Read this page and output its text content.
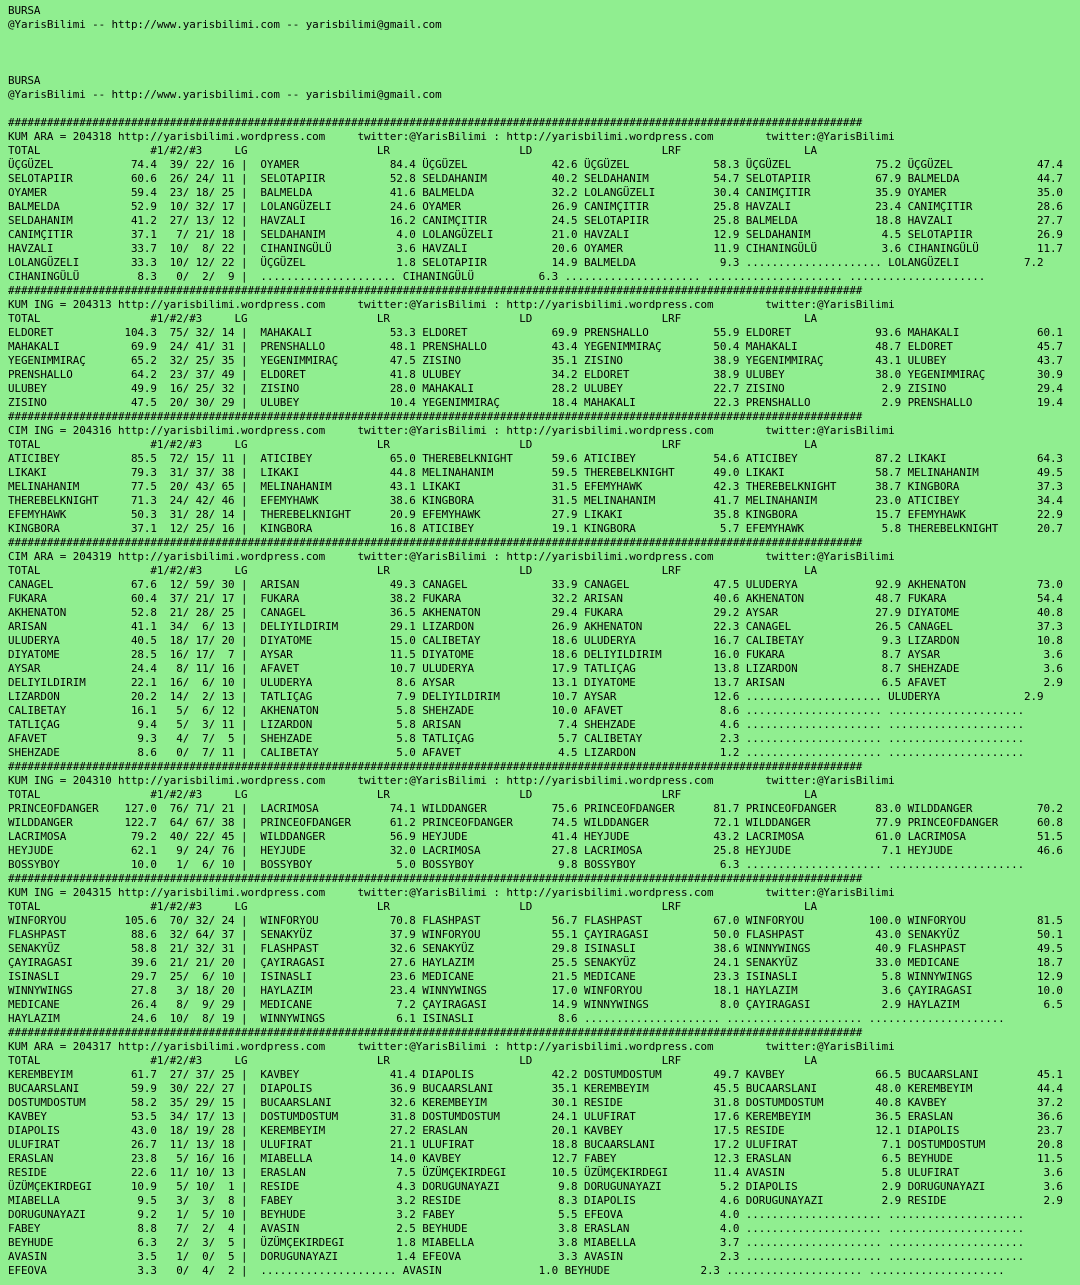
BURSA
@YarisBilimi -- http://www.yarisbilimi.com -- yarisbilimi@gmail.com
BURSA
@YarisBilimi -- http://www.yarisbilimi.com -- yarisbilimi@gmail.com
####################################################################################################################################
KUM ARA = 204318 http://yarisbilimi.wordpress.com     twitter:@YarisBilimi : http://yarisbilimi.wordpress.com        twitter:@YarisBilimi
TOTAL                 #1/#2/#3     LG                    LR                    LD                    LRF                   LA
ÜÇGÜZEL            74.4  39/ 22/ 16 |  OYAMER              84.4 ÜÇGÜZEL             42.6 ÜÇGÜZEL             58.3 ÜÇGÜZEL             75.2 ÜÇGÜZEL             47.4
SELOTAPIIR         60.6  26/ 24/ 11 |  SELOTAPIIR          52.8 SELDAHANIM          40.2 SELDAHANIM          54.7 SELOTAPIIR          67.9 BALMELDA            44.7
OYAMER             59.4  23/ 18/ 25 |  BALMELDA            41.6 BALMELDA            32.2 LOLANGÜZELI         30.4 CANIMÇITIR          35.9 OYAMER              35.0
BALMELDA           52.9  10/ 32/ 17 |  LOLANGÜZELI         24.6 OYAMER              26.9 CANIMÇITIR          25.8 HAVZALI             23.4 CANIMÇITIR          28.6
SELDAHANIM         41.2  27/ 13/ 12 |  HAVZALI             16.2 CANIMÇITIR          24.5 SELOTAPIIR          25.8 BALMELDA            18.8 HAVZALI             27.7
CANIMÇITIR         37.1   7/ 21/ 18 |  SELDAHANIM           4.0 LOLANGÜZELI         21.0 HAVZALI             12.9 SELDAHANIM           4.5 SELOTAPIIR          26.9
HAVZALI            33.7  10/  8/ 22 |  CIHANINGÜLÜ          3.6 HAVZALI             20.6 OYAMER              11.9 CIHANINGÜLÜ          3.6 CIHANINGÜLÜ         11.7
LOLANGÜZELI        33.3  10/ 12/ 22 |  ÜÇGÜZEL              1.8 SELOTAPIIR          14.9 BALMELDA             9.3 ..................... LOLANGÜZELI          7.2
CIHANINGÜLÜ         8.3   0/  2/  9 |  ..................... CIHANINGÜLÜ          6.3 ..................... ..................... .....................
####################################################################################################################################
KUM ING = 204313 http://yarisbilimi.wordpress.com     twitter:@YarisBilimi : http://yarisbilimi.wordpress.com        twitter:@YarisBilimi
TOTAL                 #1/#2/#3     LG                    LR                    LD                    LRF                   LA
ELDORET           104.3  75/ 32/ 14 |  MAHAKALI            53.3 ELDORET             69.9 PRENSHALLO          55.9 ELDORET             93.6 MAHAKALI            60.1
MAHAKALI           69.9  24/ 41/ 31 |  PRENSHALLO          48.1 PRENSHALLO          43.4 YEGENIMMIRAÇ        50.4 MAHAKALI            48.7 ELDORET             45.7
YEGENIMMIRAÇ       65.2  32/ 25/ 35 |  YEGENIMMIRAÇ        47.5 ZISINO              35.1 ZISINO              38.9 YEGENIMMIRAÇ        43.1 ULUBEY              43.7
PRENSHALLO         64.2  23/ 37/ 49 |  ELDORET             41.8 ULUBEY              34.2 ELDORET             38.9 ULUBEY              38.0 YEGENIMMIRAÇ        30.9
ULUBEY             49.9  16/ 25/ 32 |  ZISINO              28.0 MAHAKALI            28.2 ULUBEY              22.7 ZISINO               2.9 ZISINO              29.4
ZISINO             47.5  20/ 30/ 29 |  ULUBEY              10.4 YEGENIMMIRAÇ        18.4 MAHAKALI            22.3 PRENSHALLO           2.9 PRENSHALLO          19.4
####################################################################################################################################
CIM ING = 204316 http://yarisbilimi.wordpress.com     twitter:@YarisBilimi : http://yarisbilimi.wordpress.com        twitter:@YarisBilimi
TOTAL                 #1/#2/#3     LG                    LR                    LD                    LRF                   LA
ATICIBEY           85.5  72/ 15/ 11 |  ATICIBEY            65.0 THEREBELKNIGHT      59.6 ATICIBEY            54.6 ATICIBEY            87.2 LIKAKI              64.3
LIKAKI             79.3  31/ 37/ 38 |  LIKAKI              44.8 MELINAHANIM         59.5 THEREBELKNIGHT      49.0 LIKAKI              58.7 MELINAHANIM         49.5
MELINAHANIM        77.5  20/ 43/ 65 |  MELINAHANIM         43.1 LIKAKI              31.5 EFEMYHAWK           42.3 THEREBELKNIGHT      38.7 KINGBORA            37.3
THEREBELKNIGHT     71.3  24/ 42/ 46 |  EFEMYHAWK           38.6 KINGBORA            31.5 MELINAHANIM         41.7 MELINAHANIM         23.0 ATICIBEY            34.4
EFEMYHAWK          50.3  31/ 28/ 14 |  THEREBELKNIGHT      20.9 EFEMYHAWK           27.9 LIKAKI              35.8 KINGBORA            15.7 EFEMYHAWK           22.9
KINGBORA           37.1  12/ 25/ 16 |  KINGBORA            16.8 ATICIBEY            19.1 KINGBORA             5.7 EFEMYHAWK            5.8 THEREBELKNIGHT      20.7
####################################################################################################################################
CIM ARA = 204319 http://yarisbilimi.wordpress.com     twitter:@YarisBilimi : http://yarisbilimi.wordpress.com        twitter:@YarisBilimi
TOTAL                 #1/#2/#3     LG                    LR                    LD                    LRF                   LA
CANAGEL            67.6  12/ 59/ 30 |  ARISAN              49.3 CANAGEL             33.9 CANAGEL             47.5 ULUDERYA            92.9 AKHENATON           73.0
FUKARA             60.4  37/ 21/ 17 |  FUKARA              38.2 FUKARA              32.2 ARISAN              40.6 AKHENATON           48.7 FUKARA              54.4
AKHENATON          52.8  21/ 28/ 25 |  CANAGEL             36.5 AKHENATON           29.4 FUKARA              29.2 AYSAR               27.9 DIYATOME            40.8
ARISAN             41.1  34/  6/ 13 |  DELIYILDIRIM        29.1 LIZARDON            26.9 AKHENATON           22.3 CANAGEL             26.5 CANAGEL             37.3
ULUDERYA           40.5  18/ 17/ 20 |  DIYATOME            15.0 CALIBETAY           18.6 ULUDERYA            16.7 CALIBETAY            9.3 LIZARDON            10.8
DIYATOME           28.5  16/ 17/  7 |  AYSAR               11.5 DIYATOME            18.6 DELIYILDIRIM        16.0 FUKARA               8.7 AYSAR                3.6
AYSAR              24.4   8/ 11/ 16 |  AFAVET              10.7 ULUDERYA            17.9 TATLIÇAG            13.8 LIZARDON             8.7 SHEHZADE             3.6
DELIYILDIRIM       22.1  16/  6/ 10 |  ULUDERYA             8.6 AYSAR               13.1 DIYATOME            13.7 ARISAN               6.5 AFAVET               2.9
LIZARDON           20.2  14/  2/ 13 |  TATLIÇAG             7.9 DELIYILDIRIM        10.7 AYSAR               12.6 ..................... ULUDERYA             2.9
CALIBETAY          16.1   5/  6/ 12 |  AKHENATON            5.8 SHEHZADE            10.0 AFAVET               8.6 ..................... .....................
TATLIÇAG            9.4   5/  3/ 11 |  LIZARDON             5.8 ARISAN               7.4 SHEHZADE             4.6 ..................... .....................
AFAVET              9.3   4/  7/  5 |  SHEHZADE             5.8 TATLIÇAG             5.7 CALIBETAY            2.3 ..................... .....................
SHEHZADE            8.6   0/  7/ 11 |  CALIBETAY            5.0 AFAVET               4.5 LIZARDON             1.2 ..................... .....................
####################################################################################################################################
KUM ING = 204310 http://yarisbilimi.wordpress.com     twitter:@YarisBilimi : http://yarisbilimi.wordpress.com        twitter:@YarisBilimi
TOTAL                 #1/#2/#3     LG                    LR                    LD                    LRF                   LA
PRINCEOFDANGER    127.0  76/ 71/ 21 |  LACRIMOSA           74.1 WILDDANGER          75.6 PRINCEOFDANGER      81.7 PRINCEOFDANGER      83.0 WILDDANGER          70.2
WILDDANGER        122.7  64/ 67/ 38 |  PRINCEOFDANGER      61.2 PRINCEOFDANGER      74.5 WILDDANGER          72.1 WILDDANGER          77.9 PRINCEOFDANGER      60.8
LACRIMOSA          79.2  40/ 22/ 45 |  WILDDANGER          56.9 HEYJUDE             41.4 HEYJUDE             43.2 LACRIMOSA           61.0 LACRIMOSA           51.5
HEYJUDE            62.1   9/ 24/ 76 |  HEYJUDE             32.0 LACRIMOSA           27.8 LACRIMOSA           25.8 HEYJUDE              7.1 HEYJUDE             46.6
BOSSYBOY           10.0   1/  6/ 10 |  BOSSYBOY             5.0 BOSSYBOY             9.8 BOSSYBOY             6.3 ..................... .....................
####################################################################################################################################
KUM ING = 204315 http://yarisbilimi.wordpress.com     twitter:@YarisBilimi : http://yarisbilimi.wordpress.com        twitter:@YarisBilimi
TOTAL                 #1/#2/#3     LG                    LR                    LD                    LRF                   LA
WINFORYOU         105.6  70/ 32/ 24 |  WINFORYOU           70.8 FLASHPAST           56.7 FLASHPAST           67.0 WINFORYOU          100.0 WINFORYOU           81.5
FLASHPAST          88.6  32/ 64/ 37 |  SENAKYÜZ            37.9 WINFORYOU           55.1 ÇAYIRAGASI          50.0 FLASHPAST           43.0 SENAKYÜZ            50.1
SENAKYÜZ           58.8  21/ 32/ 31 |  FLASHPAST           32.6 SENAKYÜZ            29.8 ISINASLI            38.6 WINNYWINGS          40.9 FLASHPAST           49.5
ÇAYIRAGASI         39.6  21/ 21/ 20 |  ÇAYIRAGASI          27.6 HAYLAZIM            25.5 SENAKYÜZ            24.1 SENAKYÜZ            33.0 MEDICANE            18.7
ISINASLI           29.7  25/  6/ 10 |  ISINASLI            23.6 MEDICANE            21.5 MEDICANE            23.3 ISINASLI             5.8 WINNYWINGS          12.9
WINNYWINGS         27.8   3/ 18/ 20 |  HAYLAZIM            23.4 WINNYWINGS          17.0 WINFORYOU           18.1 HAYLAZIM             3.6 ÇAYIRAGASI          10.0
MEDICANE           26.4   8/  9/ 29 |  MEDICANE             7.2 ÇAYIRAGASI          14.9 WINNYWINGS           8.0 ÇAYIRAGASI           2.9 HAYLAZIM             6.5
HAYLAZIM           24.6  10/  8/ 19 |  WINNYWINGS           6.1 ISINASLI             8.6 ..................... ..................... .....................
####################################################################################################################################
KUM ARA = 204317 http://yarisbilimi.wordpress.com     twitter:@YarisBilimi : http://yarisbilimi.wordpress.com        twitter:@YarisBilimi
TOTAL                 #1/#2/#3     LG                    LR                    LD                    LRF                   LA
KEREMBEYIM         61.7  27/ 37/ 25 |  KAVBEY              41.4 DIAPOLIS            42.2 DOSTUMDOSTUM        49.7 KAVBEY              66.5 BUCAARSLANI         45.1
BUCAARSLANI        59.9  30/ 22/ 27 |  DIAPOLIS            36.9 BUCAARSLANI         35.1 KEREMBEYIM          45.5 BUCAARSLANI         48.0 KEREMBEYIM          44.4
DOSTUMDOSTUM       58.2  35/ 29/ 15 |  BUCAARSLANI         32.6 KEREMBEYIM          30.1 RESIDE              31.8 DOSTUMDOSTUM        40.8 KAVBEY              37.2
KAVBEY             53.5  34/ 17/ 13 |  DOSTUMDOSTUM        31.8 DOSTUMDOSTUM        24.1 ULUFIRAT            17.6 KEREMBEYIM          36.5 ERASLAN             36.6
DIAPOLIS           43.0  18/ 19/ 28 |  KEREMBEYIM          27.2 ERASLAN             20.1 KAVBEY              17.5 RESIDE              12.1 DIAPOLIS            23.7
ULUFIRAT           26.7  11/ 13/ 18 |  ULUFIRAT            21.1 ULUFIRAT            18.8 BUCAARSLANI         17.2 ULUFIRAT             7.1 DOSTUMDOSTUM        20.8
ERASLAN            23.8   5/ 16/ 16 |  MIABELLA            14.0 KAVBEY              12.7 FABEY               12.3 ERASLAN              6.5 BEYHUDE             11.5
RESIDE             22.6  11/ 10/ 13 |  ERASLAN              7.5 ÜZÜMÇEKIRDEGI       10.5 ÜZÜMÇEKIRDEGI       11.4 AVASIN               5.8 ULUFIRAT             3.6
ÜZÜMÇEKIRDEGI      10.9   5/ 10/  1 |  RESIDE               4.3 DORUGUNAYAZI         9.8 DORUGUNAYAZI         5.2 DIAPOLIS             2.9 DORUGUNAYAZI         3.6
MIABELLA            9.5   3/  3/  8 |  FABEY                3.2 RESIDE               8.3 DIAPOLIS             4.6 DORUGUNAYAZI         2.9 RESIDE               2.9
DORUGUNAYAZI        9.2   1/  5/ 10 |  BEYHUDE              3.2 FABEY                5.5 EFEOVA               4.0 ..................... .....................
FABEY               8.8   7/  2/  4 |  AVASIN               2.5 BEYHUDE              3.8 ERASLAN              4.0 ..................... .....................
BEYHUDE             6.3   2/  3/  5 |  ÜZÜMÇEKIRDEGI        1.8 MIABELLA             3.8 MIABELLA             3.7 ..................... .....................
AVASIN              3.5   1/  0/  5 |  DORUGUNAYAZI         1.4 EFEOVA               3.3 AVASIN               2.3 ..................... .....................
EFEOVA              3.3   0/  4/  2 |  ..................... AVASIN               1.0 BEYHUDE              2.3 ..................... .....................
